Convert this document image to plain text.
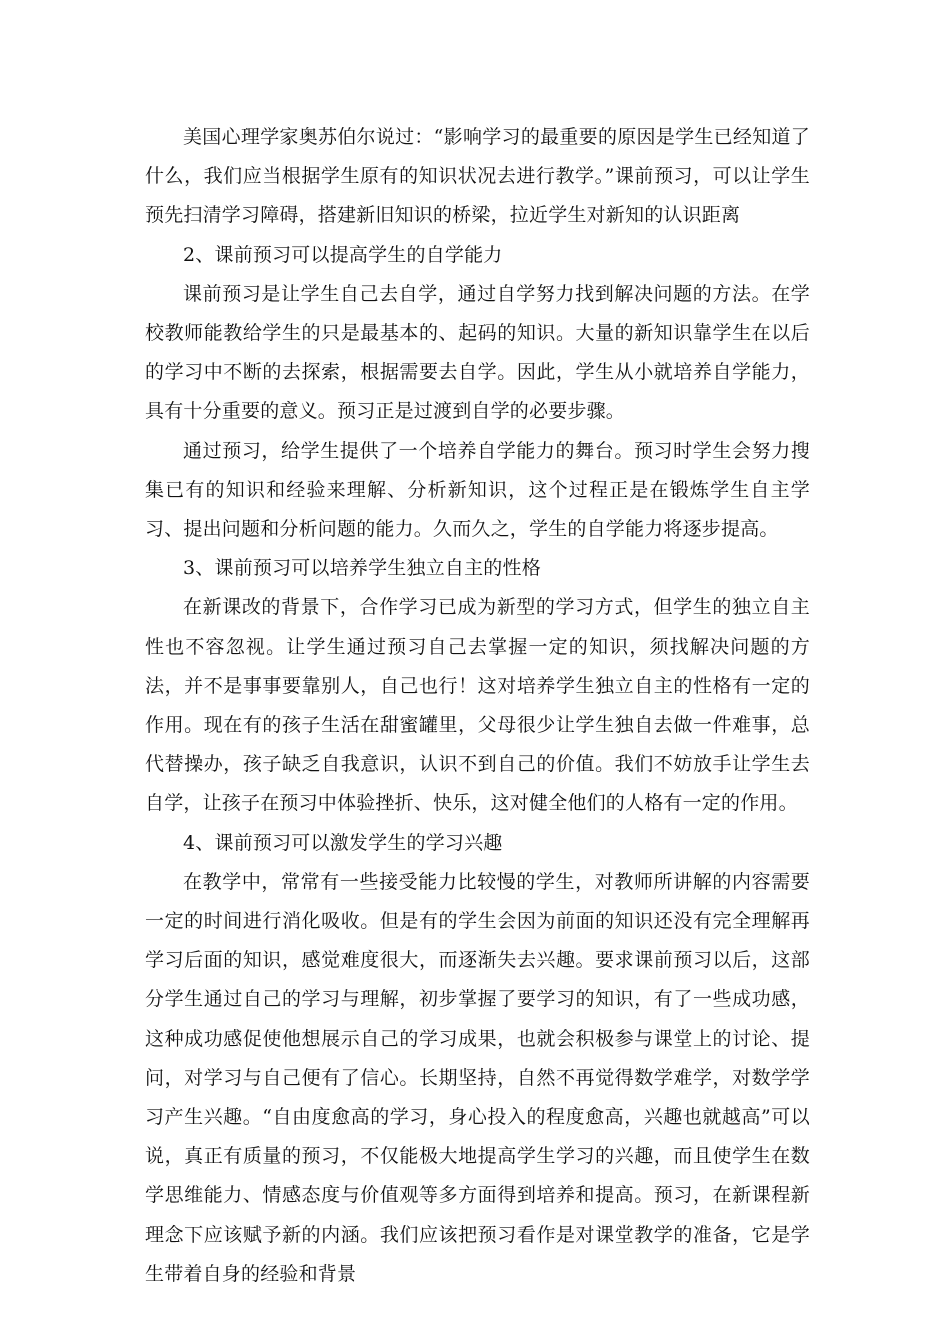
美国心理学家奥苏伯尔说过：“影响学习的最重要的原因是学生已经知道了什么，我们应当根据学生原有的知识状况去进行教学。”课前预习，可以让学生预先扫清学习障碍，搭建新旧知识的桥梁，拉近学生对新知的认识距离

2、课前预习可以提高学生的自学能力

课前预习是让学生自己去自学，通过自学努力找到解决问题的方法。在学校教师能教给学生的只是最基本的、起码的知识。大量的新知识靠学生在以后的学习中不断的去探索，根据需要去自学。因此，学生从小就培养自学能力，具有十分重要的意义。预习正是过渡到自学的必要步骤。

通过预习，给学生提供了一个培养自学能力的舞台。预习时学生会努力搜集已有的知识和经验来理解、分析新知识，这个过程正是在锻炼学生自主学习、提出问题和分析问题的能力。久而久之，学生的自学能力将逐步提高。

3、课前预习可以培养学生独立自主的性格

在新课改的背景下，合作学习已成为新型的学习方式，但学生的独立自主性也不容忽视。让学生通过预习自己去掌握一定的知识，须找解决问题的方法，并不是事事要靠别人，自己也行！这对培养学生独立自主的性格有一定的作用。现在有的孩子生活在甜蜜罐里，父母很少让学生独自去做一件难事，总代替操办，孩子缺乏自我意识，认识不到自己的价值。我们不妨放手让学生去自学，让孩子在预习中体验挫折、快乐，这对健全他们的人格有一定的作用。

4、课前预习可以激发学生的学习兴趣

在教学中，常常有一些接受能力比较慢的学生，对教师所讲解的内容需要一定的时间进行消化吸收。但是有的学生会因为前面的知识还没有完全理解再学习后面的知识，感觉难度很大，而逐渐失去兴趣。要求课前预习以后，这部分学生通过自己的学习与理解，初步掌握了要学习的知识，有了一些成功感，这种成功感促使他想展示自己的学习成果，也就会积极参与课堂上的讨论、提问，对学习与自己便有了信心。长期坚持，自然不再觉得数学难学，对数学学习产生兴趣。“自由度愈高的学习，身心投入的程度愈高，兴趣也就越高”可以说，真正有质量的预习，不仅能极大地提高学生学习的兴趣，而且使学生在数学思维能力、情感态度与价值观等多方面得到培养和提高。预习，在新课程新理念下应该赋予新的内涵。我们应该把预习看作是对课堂教学的准备，它是学生带着自身的经验和背景
